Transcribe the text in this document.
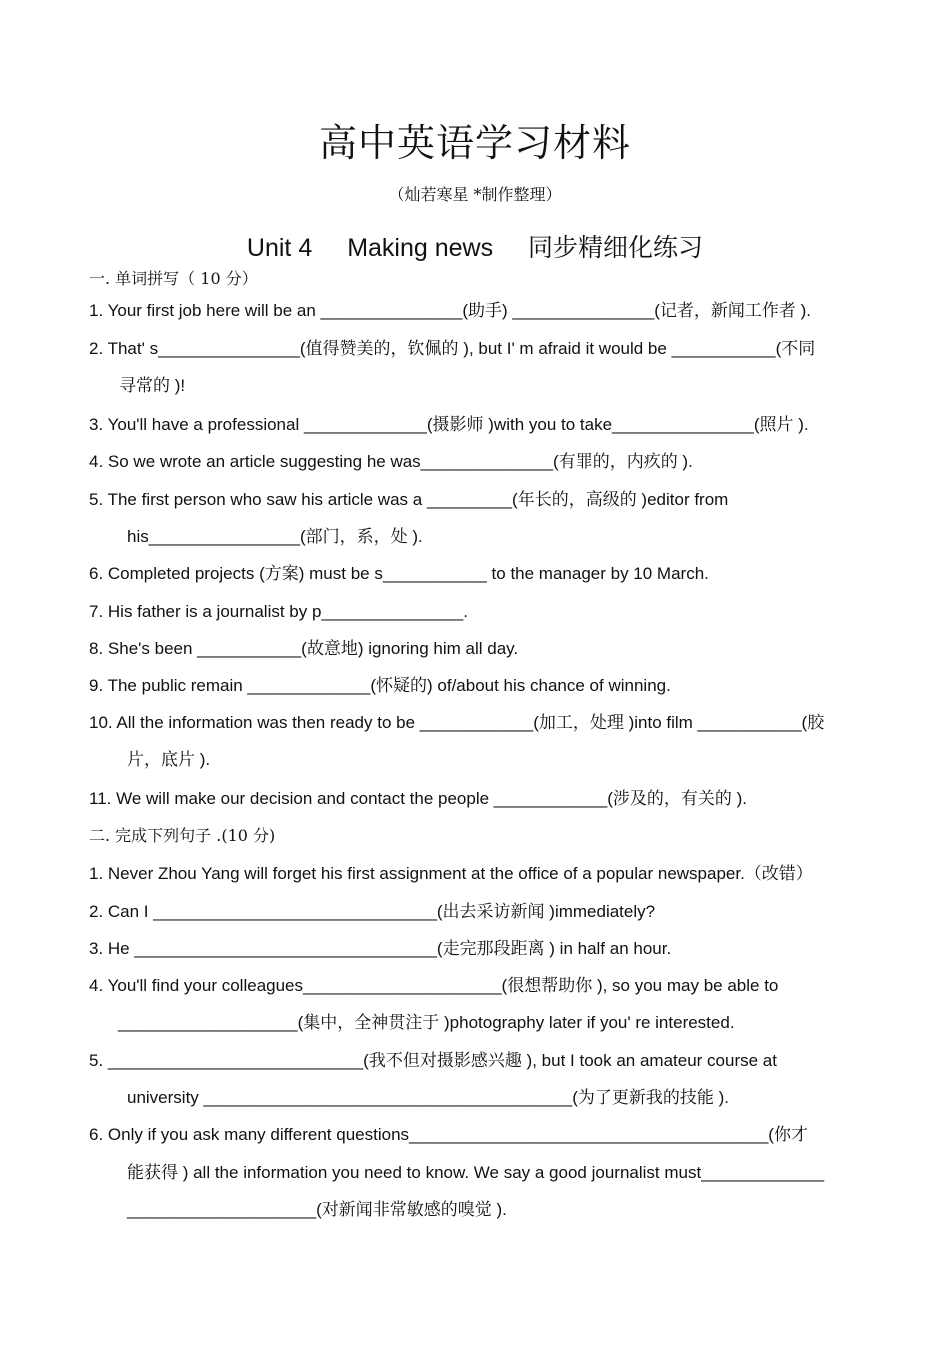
高中英语学习材料
（灿若寒星 *制作整理）
Unit 4 Making news 同步精细化练习
一. 单词拼写（ 10 分）
1. Your first job here will be an _______________(助手) _______________(记者，新闻工作者 ).
2. That' s_______________(值得赞美的，钦佩的 ), but I' m afraid it would be ___________(不同
寻常的 )!
3. You'll have a professional _____________(摄影师 )with you to take_______________(照片 ).
4. So we wrote an article suggesting he was______________(有罪的，内疚的 ).
5. The first person who saw his article was a _________(年长的，高级的 )editor from
his________________(部门，系，处 ).
6. Completed projects (方案) must be s___________ to the manager by 10 March.
7. His father is a journalist by p_______________.
8. She's been ___________(故意地) ignoring him all day.
9. The public remain _____________(怀疑的) of/about his chance of winning.
10. All the information was then ready to be ____________(加工，处理 )into film ___________(胶
片，底片 ).
11. We will make our decision and contact the people ____________(涉及的，有关的 ).
二. 完成下列句子 .(10 分)
1. Never Zhou Yang will forget his first assignment at the office of a popular newspaper.（改错）
2. Can I ______________________________(出去采访新闻 )immediately?
3. He ________________________________(走完那段距离 ) in half an hour.
4. You'll find your colleagues_____________________(很想帮助你 ), so you may be able to
___________________(集中，全神贯注于 )photography later if you' re interested.
5. ___________________________(我不但对摄影感兴趣 ), but I took an amateur course at
university _______________________________________(为了更新我的技能 ).
6. Only if you ask many different questions______________________________________(你才
能获得 ) all the information you need to know. We say a good journalist must_____________
____________________(对新闻非常敏感的嗅觉 ).
